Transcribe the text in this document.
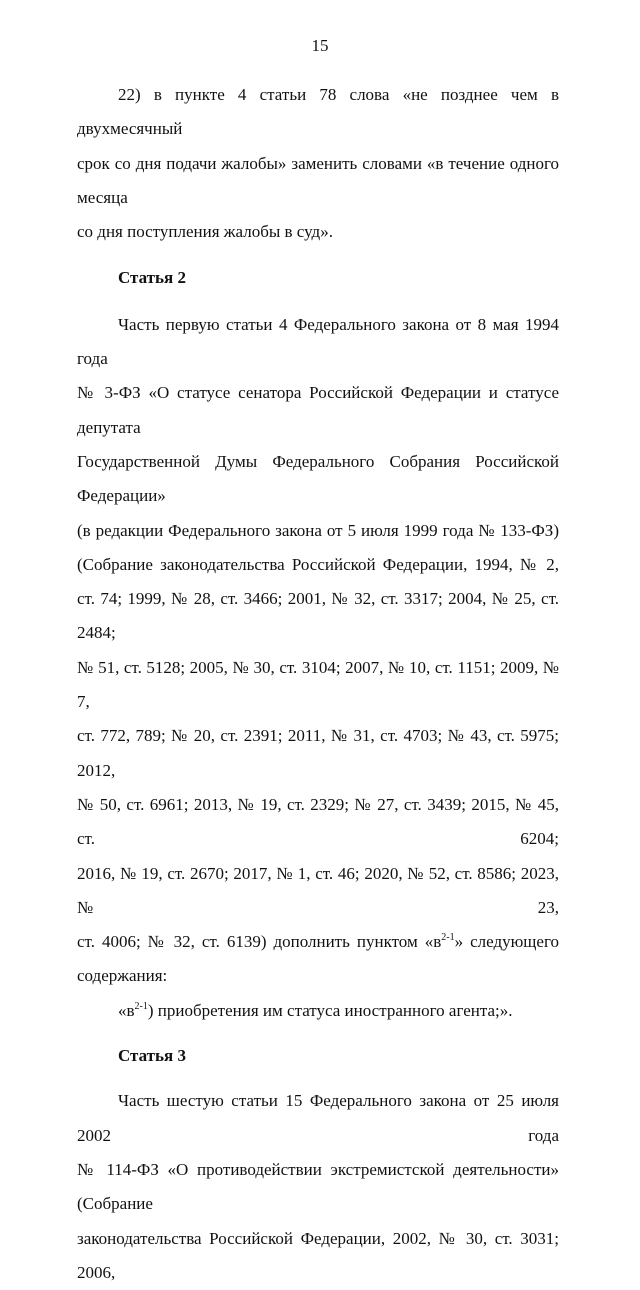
15
22) в пункте 4 статьи 78 слова «не позднее чем в двухмесячный
срок со дня подачи жалобы» заменить словами «в течение одного месяца
со дня поступления жалобы в суд».
Статья 2
Часть первую статьи 4 Федерального закона от 8 мая 1994 года
№ 3-ФЗ «О статусе сенатора Российской Федерации и статусе депутата
Государственной Думы Федерального Собрания Российской Федерации»
(в редакции Федерального закона от 5 июля 1999 года № 133-ФЗ)
(Собрание законодательства Российской Федерации, 1994, № 2,
ст. 74; 1999, № 28, ст. 3466; 2001, № 32, ст. 3317; 2004, № 25, ст. 2484;
№ 51, ст. 5128; 2005, № 30, ст. 3104; 2007, № 10, ст. 1151; 2009, № 7,
ст. 772, 789; № 20, ст. 2391; 2011, № 31, ст. 4703; № 43, ст. 5975; 2012,
№ 50, ст. 6961; 2013, № 19, ст. 2329; № 27, ст. 3439; 2015, № 45, ст. 6204;
2016, № 19, ст. 2670; 2017, № 1, ст. 46; 2020, № 52, ст. 8586; 2023, № 23,
ст. 4006; № 32, ст. 6139) дополнить пунктом «$в^{2-1}$» следующего
содержания:
«$в^{2-1}$) приобретения им статуса иностранного агента;».
Статья 3
Часть шестую статьи 15 Федерального закона от 25 июля 2002 года
№ 114-ФЗ «О противодействии экстремистской деятельности» (Собрание
законодательства Российской Федерации, 2002, № 30, ст. 3031; 2006,
